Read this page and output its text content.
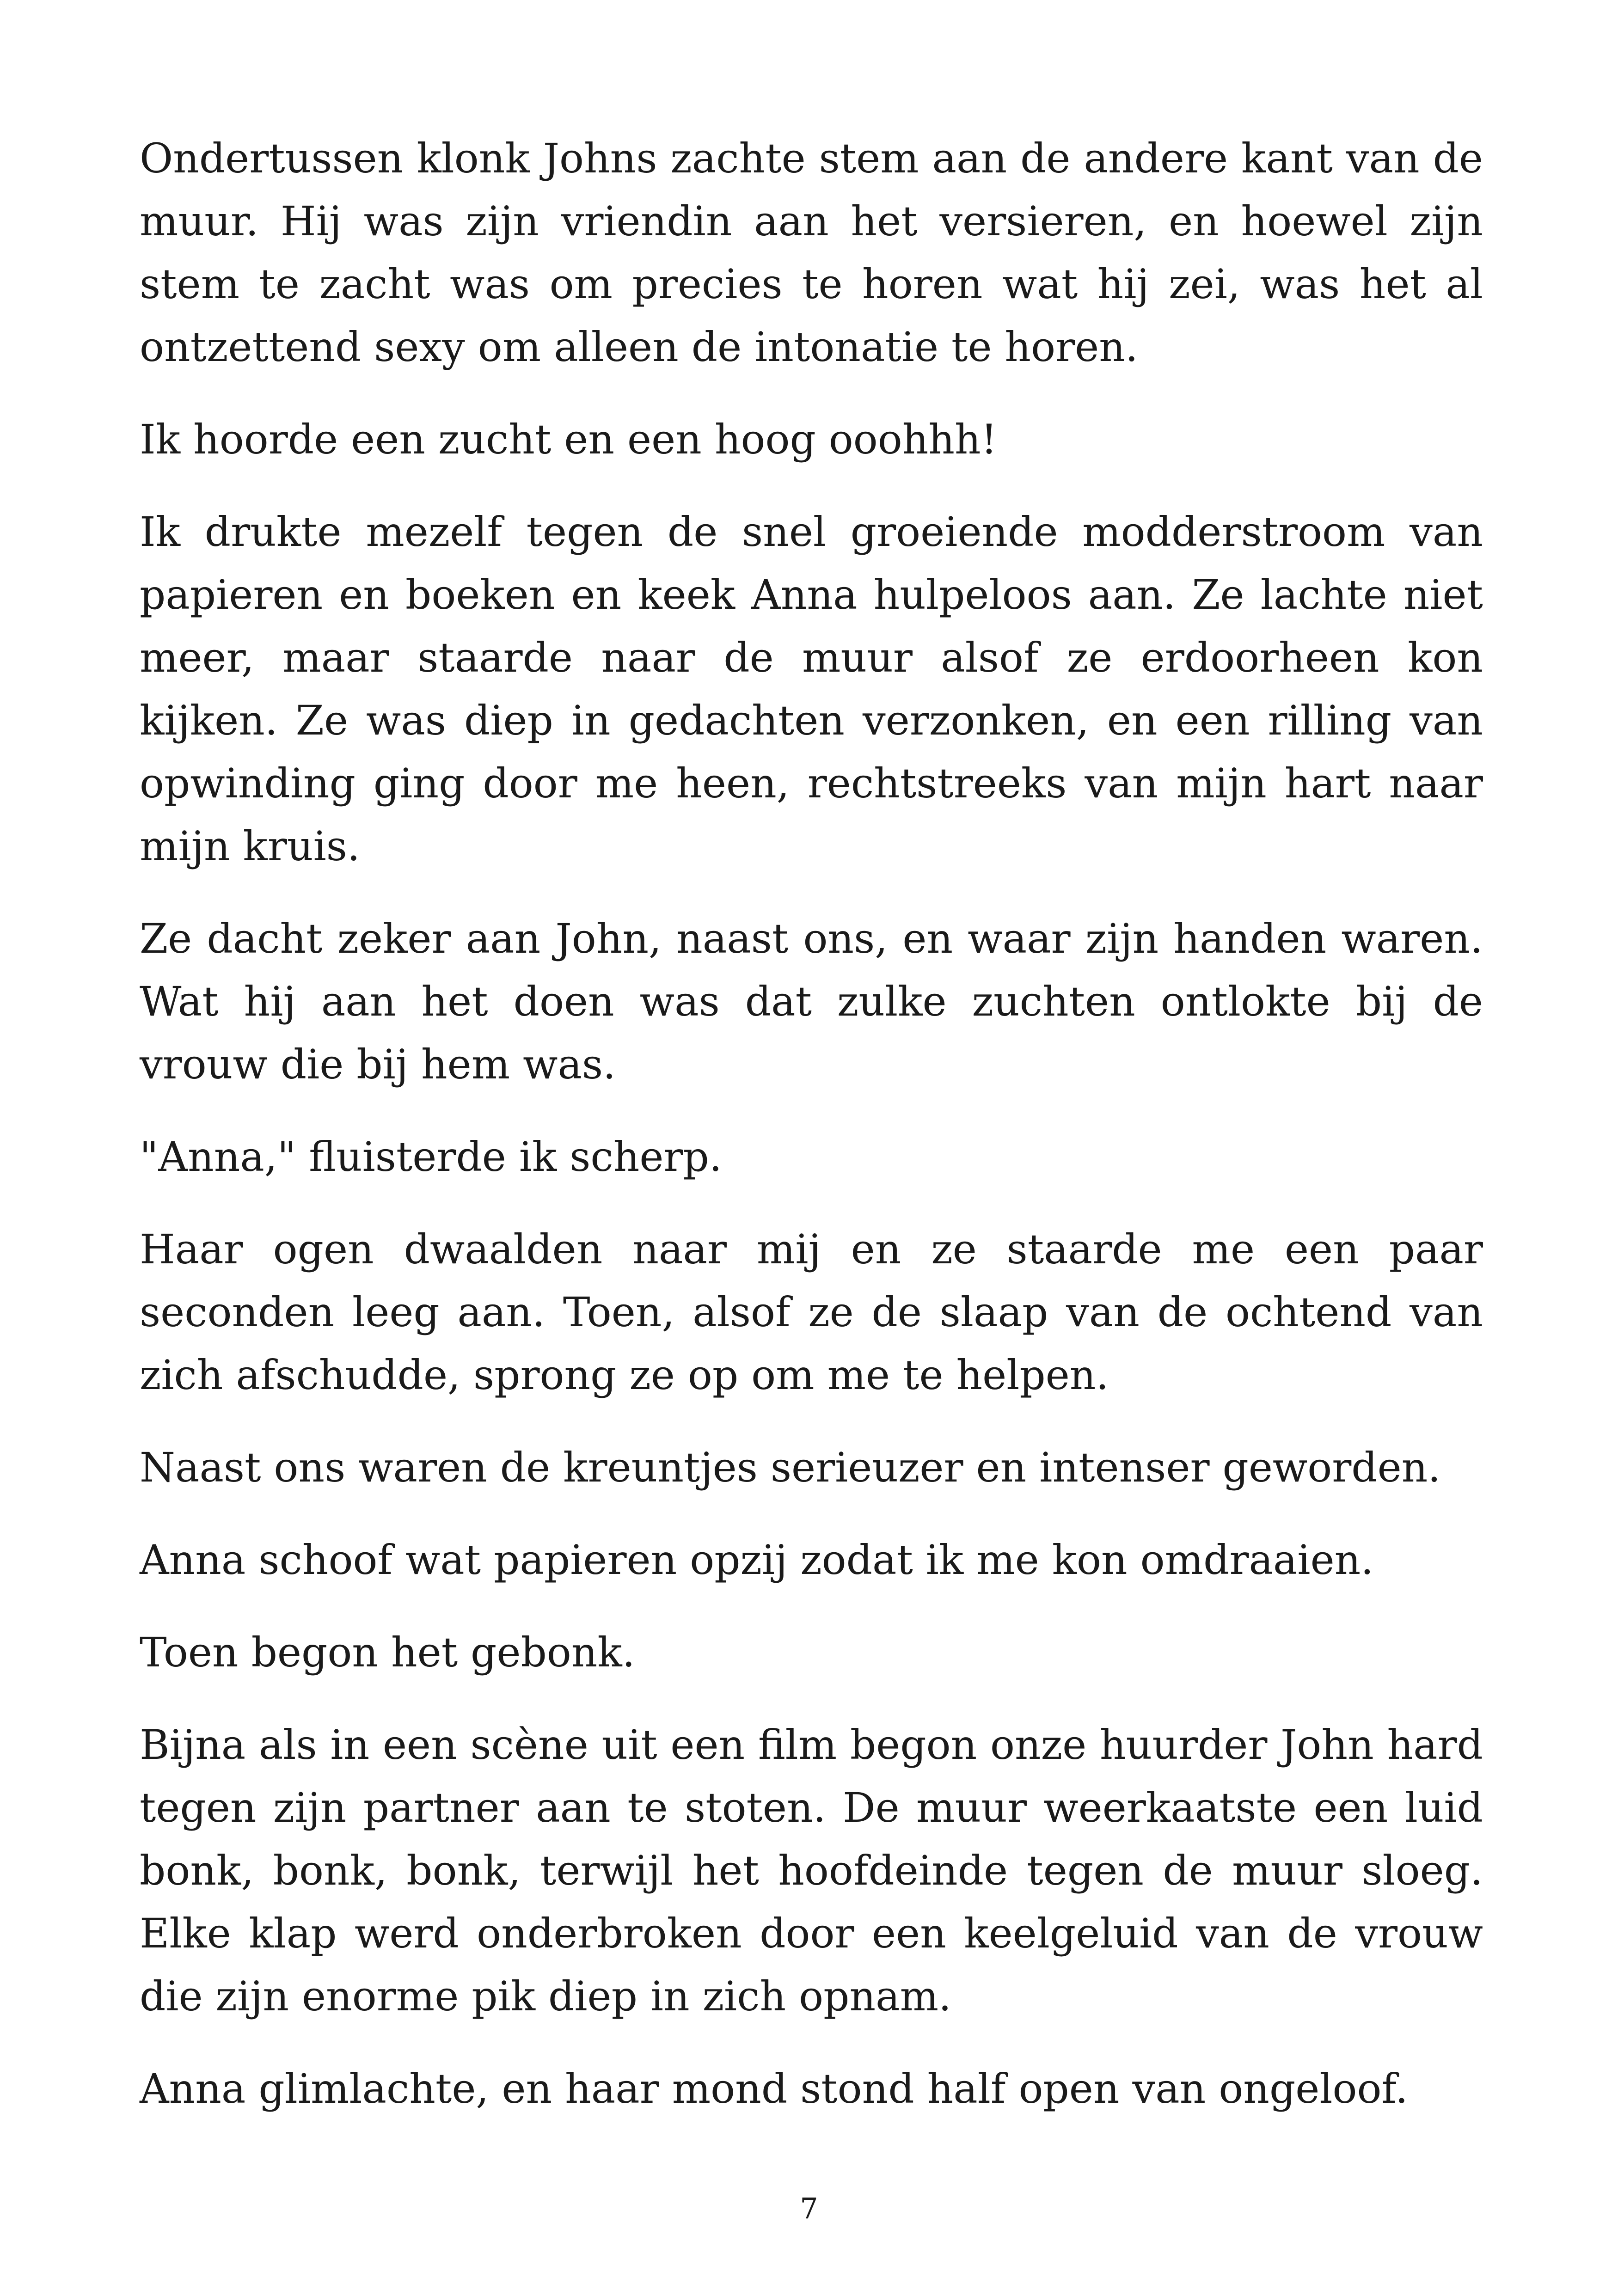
Ondertussen klonk Johns zachte stem aan de andere kant van de muur. Hij was zijn vriendin aan het versieren, en hoewel zijn stem te zacht was om precies te horen wat hij zei, was het al ontzettend sexy om alleen de intonatie te horen.

Ik hoorde een zucht en een hoog ooohhh!

Ik drukte mezelf tegen de snel groeiende modderstroom van papieren en boeken en keek Anna hulpeloos aan. Ze lachte niet meer, maar staarde naar de muur alsof ze erdoorheen kon kijken. Ze was diep in gedachten verzonken, en een rilling van opwinding ging door me heen, rechtstreeks van mijn hart naar mijn kruis.

Ze dacht zeker aan John, naast ons, en waar zijn handen waren. Wat hij aan het doen was dat zulke zuchten ontlokte bij de vrouw die bij hem was.

"Anna," fluisterde ik scherp.

Haar ogen dwaalden naar mij en ze staarde me een paar seconden leeg aan. Toen, alsof ze de slaap van de ochtend van zich afschudde, sprong ze op om me te helpen.

Naast ons waren de kreuntjes serieuzer en intenser geworden.

Anna schoof wat papieren opzij zodat ik me kon omdraaien.

Toen begon het gebonk.

Bijna als in een scène uit een film begon onze huurder John hard tegen zijn partner aan te stoten. De muur weerkaatste een luid bonk, bonk, bonk, terwijl het hoofdeinde tegen de muur sloeg. Elke klap werd onderbroken door een keelgeluid van de vrouw die zijn enorme pik diep in zich opnam.

Anna glimlachte, en haar mond stond half open van ongeloof.

7
